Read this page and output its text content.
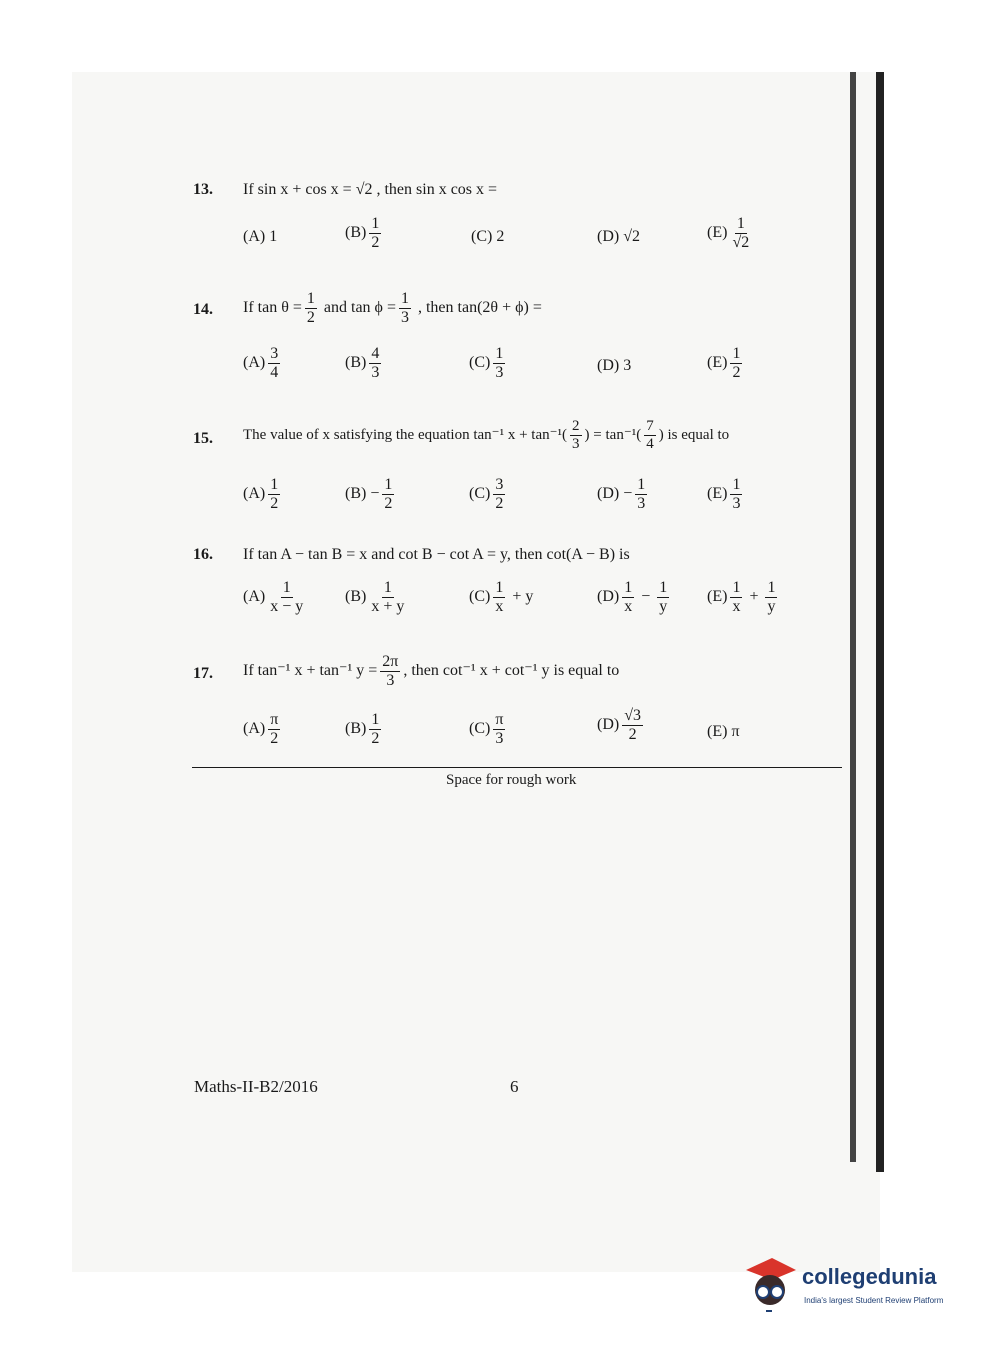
13. If sin x + cos x = √2 , then sin x cos x =
(A) 1	$(B) \frac{1}{2}$	(C) 2	(D) √2	$(E) \frac{1}{√2}$
14. If $\tan \theta = \frac{1}{2}$ and $\tan \phi = \frac{1}{3}$ , then tan(2θ + ϕ) =
$(A) \frac{3}{4}$	$(B) \frac{4}{3}$	$(C) \frac{1}{3}$	(D) 3	$(E) \frac{1}{2}$
15. The value of x satisfying the equation tan⁻¹ $x + \tan^{-1}( \frac{2}{3}$ ) = $\tan^{-1}( \frac{7}{4}$ ) is equal to
$(A) \frac{1}{2}$	$(B) - \frac{1}{2}$	$(C) \frac{3}{2}$	$(D) - \frac{1}{3}$	$(E) \frac{1}{3}$
16. If tan A − tan B = x and cot B − cot A = y, then cot(A − B) is
$(A) \frac{1}{x - y} (B) \frac{1}{x + y}$	$(C) \frac{1}{x} + y$	$(D) \frac{1}{x} - \frac{1}{y} (E) \frac{1}{x} + \frac{1}{y}$
17. If tan⁻¹ x + tan⁻¹ $y = \frac{2\pi}{3}$ , then cot⁻¹ x + cot⁻¹ y is equal to
$(A) \frac{\pi}{2}$	$(B) \frac{1}{2}$	$(C) \frac{\pi}{3}$	$(D) \frac{√3}{2}$	(E) π
Space for rough work
Maths-II-B2/2016	6
collegedunia
India's largest Student Review Platform
